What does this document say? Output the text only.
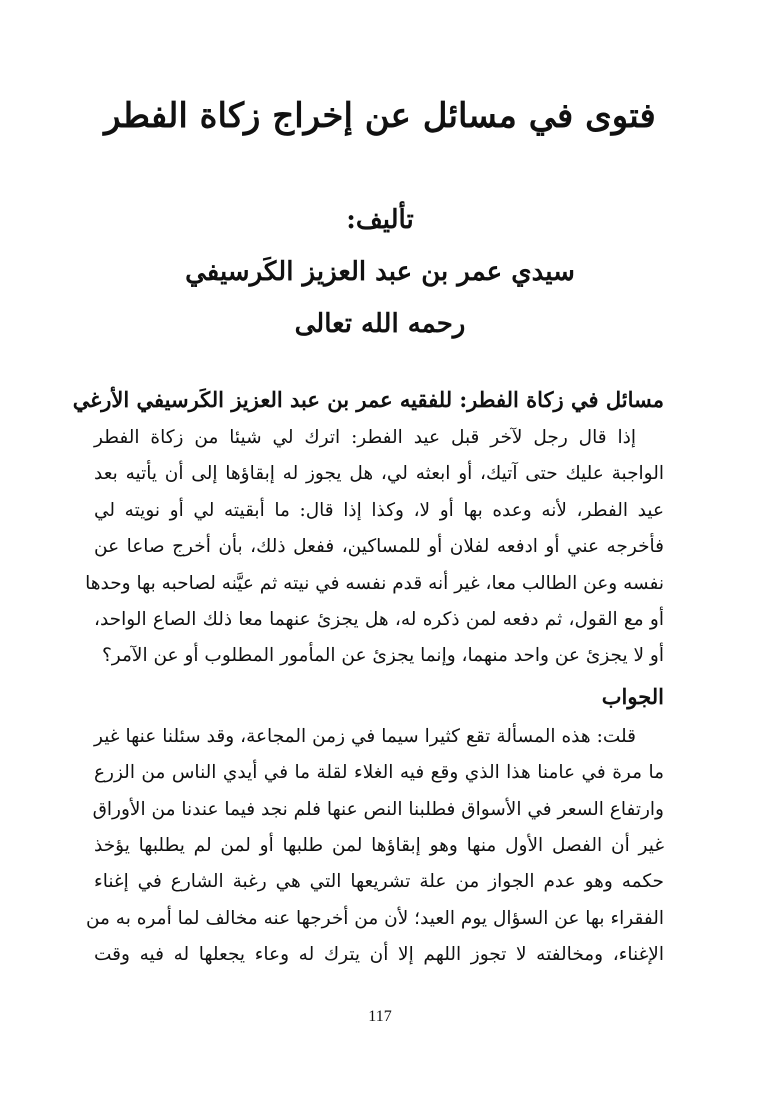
فتوى في مسائل عن إخراج زكاة الفطر

تأليف:

سيدي عمر بن عبد العزيز الكَرسيفي

رحمه الله تعالى

مسائل في زكاة الفطر: للفقيه عمر بن عبد العزيز الكَرسيفي الأرغي

إذا قال رجل لآخر قبل عيد الفطر: اترك لي شيئا من زكاة الفطر
الواجبة عليك حتى آتيك، أو ابعثه لي، هل يجوز له إبقاؤها إلى أن يأتيه بعد
عيد الفطر، لأنه وعده بها أو لا، وكذا إذا قال: ما أبقيته لي أو نويته لي
فأخرجه عني أو ادفعه لفلان أو للمساكين، ففعل ذلك، بأن أخرج صاعا عن
نفسه وعن الطالب معا، غير أنه قدم نفسه في نيته ثم عيَّنه لصاحبه بها وحدها
أو مع القول، ثم دفعه لمن ذكره له، هل يجزئ عنهما معا ذلك الصاع الواحد،
أو لا يجزئ عن واحد منهما، وإنما يجزئ عن المأمور المطلوب أو عن الآمر؟

الجواب

قلت: هذه المسألة تقع كثيرا سيما في زمن المجاعة، وقد سئلنا عنها غير
ما مرة في عامنا هذا الذي وقع فيه الغلاء لقلة ما في أيدي الناس من الزرع
وارتفاع السعر في الأسواق فطلبنا النص عنها فلم نجد فيما عندنا من الأوراق
غير أن الفصل الأول منها وهو إبقاؤها لمن طلبها أو لمن لم يطلبها يؤخذ
حكمه وهو عدم الجواز من علة تشريعها التي هي رغبة الشارع في إغناء
الفقراء بها عن السؤال يوم العيد؛ لأن من أخرجها عنه مخالف لما أمره به من
الإغناء، ومخالفته لا تجوز اللهم إلا أن يترك له وعاء يجعلها له فيه وقت
117
